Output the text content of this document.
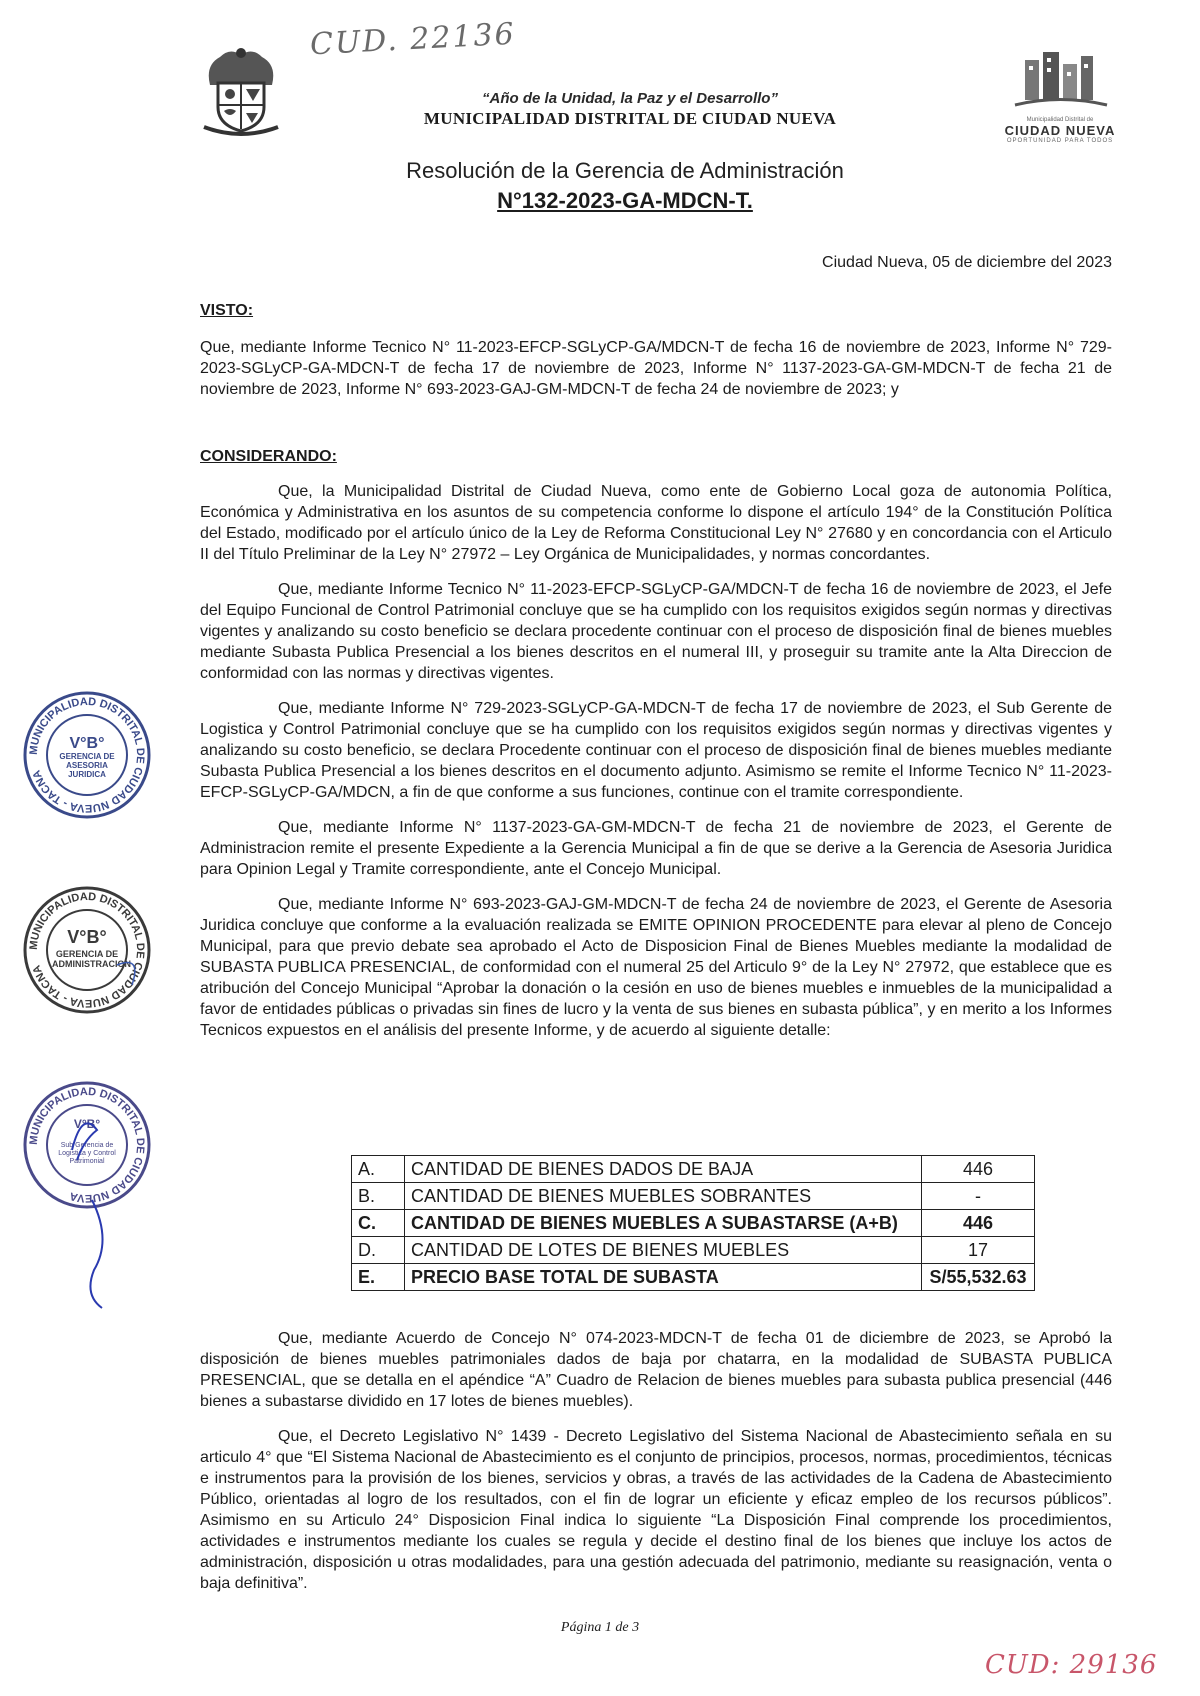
CUD. 22136
CUD: 29136
“Año de la Unidad, la Paz y el Desarrollo”
MUNICIPALIDAD DISTRITAL DE CIUDAD NUEVA	Municipalidad Distrital de
CIUDAD NUEVA
OPORTUNIDAD PARA TODOS
Resolución de la Gerencia de Administración
N°132-2023-GA-MDCN-T.
Ciudad Nueva, 05 de diciembre del 2023
VISTO:
Que, mediante Informe Tecnico N° 11-2023-EFCP-SGLyCP-GA/MDCN-T de fecha 16 de noviembre de 2023, Informe N° 729-2023-SGLyCP-GA-MDCN-T de fecha 17 de noviembre de 2023, Informe N° 1137-2023-GA-GM-MDCN-T de fecha 21 de noviembre de 2023, Informe N° 693-2023-GAJ-GM-MDCN-T de fecha 24 de noviembre de 2023; y
CONSIDERANDO:
Que, la Municipalidad Distrital de Ciudad Nueva, como ente de Gobierno Local goza de autonomia Política, Económica y Administrativa en los asuntos de su competencia conforme lo dispone el artículo 194° de la Constitución Política del Estado, modificado por el artículo único de la Ley de Reforma Constitucional Ley N° 27680 y en concordancia con el Articulo II del Título Preliminar de la Ley N° 27972 – Ley Orgánica de Municipalidades, y normas concordantes.
Que, mediante Informe Tecnico N° 11-2023-EFCP-SGLyCP-GA/MDCN-T de fecha 16 de noviembre de 2023, el Jefe del Equipo Funcional de Control Patrimonial concluye que se ha cumplido con los requisitos exigidos según normas y directivas vigentes y analizando su costo beneficio se declara procedente continuar con el proceso de disposición final de bienes muebles mediante Subasta Publica Presencial a los bienes descritos en el numeral III, y proseguir su tramite ante la Alta Direccion de conformidad con las normas y directivas vigentes.
Que, mediante Informe N° 729-2023-SGLyCP-GA-MDCN-T de fecha 17 de noviembre de 2023, el Sub Gerente de Logistica y Control Patrimonial concluye que se ha cumplido con los requisitos exigidos según normas y directivas vigentes y analizando su costo beneficio, se declara Procedente continuar con el proceso de disposición final de bienes muebles mediante Subasta Publica Presencial a los bienes descritos en el documento adjunto. Asimismo se remite el Informe Tecnico N° 11-2023-EFCP-SGLyCP-GA/MDCN, a fin de que conforme a sus funciones, continue con el tramite correspondiente.
Que, mediante Informe N° 1137-2023-GA-GM-MDCN-T de fecha 21 de noviembre de 2023, el Gerente de Administracion remite el presente Expediente a la Gerencia Municipal a fin de que se derive a la Gerencia de Asesoria Juridica para Opinion Legal y Tramite correspondiente, ante el Concejo Municipal.
Que, mediante Informe N° 693-2023-GAJ-GM-MDCN-T de fecha 24 de noviembre de 2023, el Gerente de Asesoria Juridica concluye que conforme a la evaluación realizada se EMITE OPINION PROCEDENTE para elevar al pleno de Concejo Municipal, para que previo debate sea aprobado el Acto de Disposicion Final de Bienes Muebles mediante la modalidad de SUBASTA PUBLICA PRESENCIAL, de conformidad con el numeral 25 del Articulo 9° de la Ley N° 27972, que establece que es atribución del Concejo Municipal “Aprobar la donación o la cesión en uso de bienes muebles e inmuebles de la municipalidad a favor de entidades públicas o privadas sin fines de lucro y la venta de sus bienes en subasta pública”, y en merito a los Informes Tecnicos expuestos en el análisis del presente Informe, y de acuerdo al siguiente detalle:
A.	CANTIDAD DE BIENES DADOS DE BAJA	446
B.	CANTIDAD DE BIENES MUEBLES SOBRANTES	-
C.	CANTIDAD DE BIENES MUEBLES A SUBASTARSE (A+B)	446
D.	CANTIDAD DE LOTES DE BIENES MUEBLES	17
E.	PRECIO BASE TOTAL DE SUBASTA	S/55,532.63
Que, mediante Acuerdo de Concejo N° 074-2023-MDCN-T de fecha 01 de diciembre de 2023, se Aprobó la disposición de bienes muebles patrimoniales dados de baja por chatarra, en la modalidad de SUBASTA PUBLICA PRESENCIAL, que se detalla en el apéndice “A” Cuadro de Relacion de bienes muebles para subasta publica presencial (446 bienes a subastarse dividido en 17 lotes de bienes muebles).
Que, el Decreto Legislativo N° 1439 - Decreto Legislativo del Sistema Nacional de Abastecimiento señala en su articulo 4° que “El Sistema Nacional de Abastecimiento es el conjunto de principios, procesos, normas, procedimientos, técnicas e instrumentos para la provisión de los bienes, servicios y obras, a través de las actividades de la Cadena de Abastecimiento Público, orientadas al logro de los resultados, con el fin de lograr un eficiente y eficaz empleo de los recursos públicos”. Asimismo en su Articulo 24° Disposicion Final indica lo siguiente “La Disposición Final comprende los procedimientos, actividades e instrumentos mediante los cuales se regula y decide el destino final de los bienes que incluye los actos de administración, disposición u otras modalidades, para una gestión adecuada del patrimonio, mediante su reasignación, venta o baja definitiva”.
MUNICIPALIDAD DISTRITAL DE CIUDAD NUEVA - TACNA
V°B°
GERENCIA DE ASESORIA JURIDICA
MUNICIPALIDAD DISTRITAL DE CIUDAD NUEVA - TACNA
V°B°
GERENCIA DE ADMINISTRACION
MUNICIPALIDAD DISTRITAL DE CIUDAD NUEVA
V°B°
Sub Gerencia de Logistica y Control Patrimonial
Página 1 de 3
